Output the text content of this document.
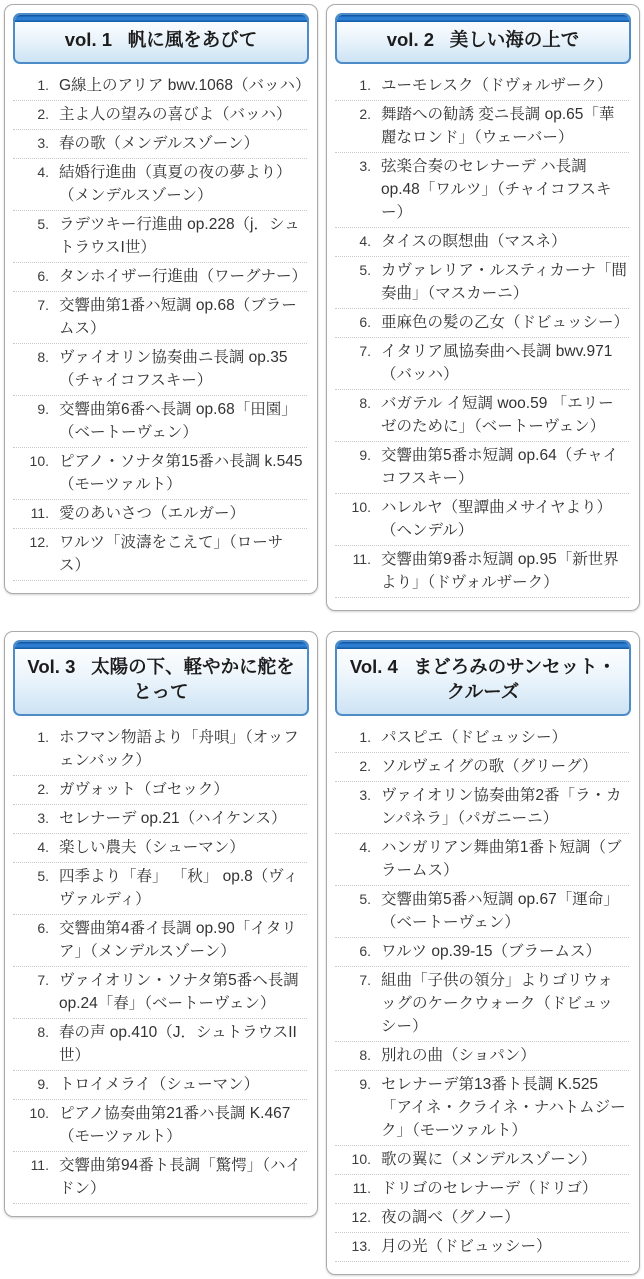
vol. 1 帆に風をあびて
1. G線上のアリア bwv.1068（バッハ）
2. 主よ人の望みの喜びよ（バッハ）
3. 春の歌（メンデルスゾーン）
4. 結婚行進曲（真夏の夜の夢より）（メンデルスゾーン）
5. ラデツキー行進曲 op.228（j．シュトラウスI世）
6. タンホイザー行進曲（ワーグナー）
7. 交響曲第1番ハ短調 op.68（ブラームス）
8. ヴァイオリン協奏曲ニ長調 op.35（チャイコフスキー）
9. 交響曲第6番ヘ長調 op.68「田園」（ベートーヴェン）
10. ピアノ・ソナタ第15番ハ長調 k.545（モーツァルト）
11. 愛のあいさつ（エルガー）
12. ワルツ「波濤をこえて」（ローサス）
vol. 2 美しい海の上で
1. ユーモレスク（ドヴォルザーク）
2. 舞踏への勧誘 変ニ長調 op.65「華麗なロンド」（ウェーバー）
3. 弦楽合奏のセレナーデ ハ長調 op.48「ワルツ」（チャイコフスキー）
4. タイスの瞑想曲（マスネ）
5. カヴァレリア・ルスティカーナ「間奏曲」（マスカーニ）
6. 亜麻色の髪の乙女（ドビュッシー）
7. イタリア風協奏曲ヘ長調 bwv.971（バッハ）
8. バガテル イ短調 woo.59 「エリーゼのために」（ベートーヴェン）
9. 交響曲第5番ホ短調 op.64（チャイコフスキー）
10. ハレルヤ（聖譚曲メサイヤより）（ヘンデル）
11. 交響曲第9番ホ短調 op.95「新世界より」（ドヴォルザーク）
Vol. 3 太陽の下、軽やかに舵をとって
1. ホフマン物語より「舟唄」（オッフェンバック）
2. ガヴォット（ゴセック）
3. セレナーデ op.21（ハイケンス）
4. 楽しい農夫（シューマン）
5. 四季より「春」 「秋」 op.8（ヴィヴァルディ）
6. 交響曲第4番イ長調 op.90「イタリア」（メンデルスゾーン）
7. ヴァイオリン・ソナタ第5番ヘ長調 op.24「春」（ベートーヴェン）
8. 春の声 op.410（J．シュトラウスII世）
9. トロイメライ（シューマン）
10. ピアノ協奏曲第21番ハ長調 K.467（モーツァルト）
11. 交響曲第94番ト長調「驚愕」（ハイドン）
Vol. 4 まどろみのサンセット・クルーズ
1. パスピエ（ドビュッシー）
2. ソルヴェイグの歌（グリーグ）
3. ヴァイオリン協奏曲第2番「ラ・カンパネラ」（パガニーニ）
4. ハンガリアン舞曲第1番ト短調（ブラームス）
5. 交響曲第5番ハ短調 op.67「運命」（ベートーヴェン）
6. ワルツ op.39-15（ブラームス）
7. 組曲「子供の領分」よりゴリウォッグのケークウォーク（ドビュッシー）
8. 別れの曲（ショパン）
9. セレナーデ第13番ト長調 K.525「アイネ・クライネ・ナハトムジーク」（モーツァルト）
10. 歌の翼に（メンデルスゾーン）
11. ドリゴのセレナーデ（ドリゴ）
12. 夜の調べ（グノー）
13. 月の光（ドビュッシー）
